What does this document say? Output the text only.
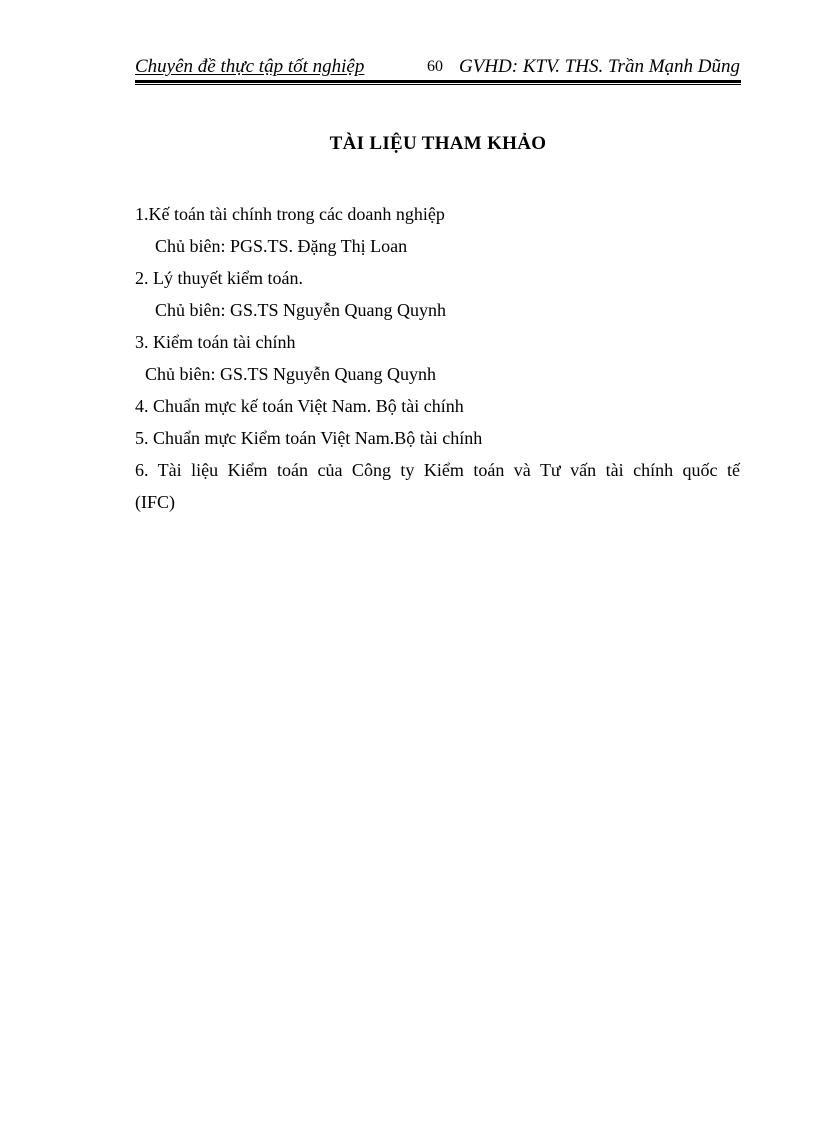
Chuyên đề thực tập tốt nghiệp	60 GVHD: KTV. THS. Trần Mạnh Dũng
TÀI LIỆU THAM KHẢO
1.Kế toán tài chính trong các doanh nghiệp
Chủ biên: PGS.TS. Đặng Thị Loan
2. Lý thuyết kiểm toán.
Chủ biên: GS.TS Nguyễn Quang Quynh
3. Kiểm toán tài chính
Chủ biên: GS.TS Nguyễn Quang Quynh
4. Chuẩn mực kế toán Việt Nam. Bộ tài chính
5. Chuẩn mực Kiểm toán Việt Nam.Bộ tài chính
6. Tài liệu Kiểm toán của Công ty Kiểm toán và Tư vấn tài chính quốc tế
(IFC)
